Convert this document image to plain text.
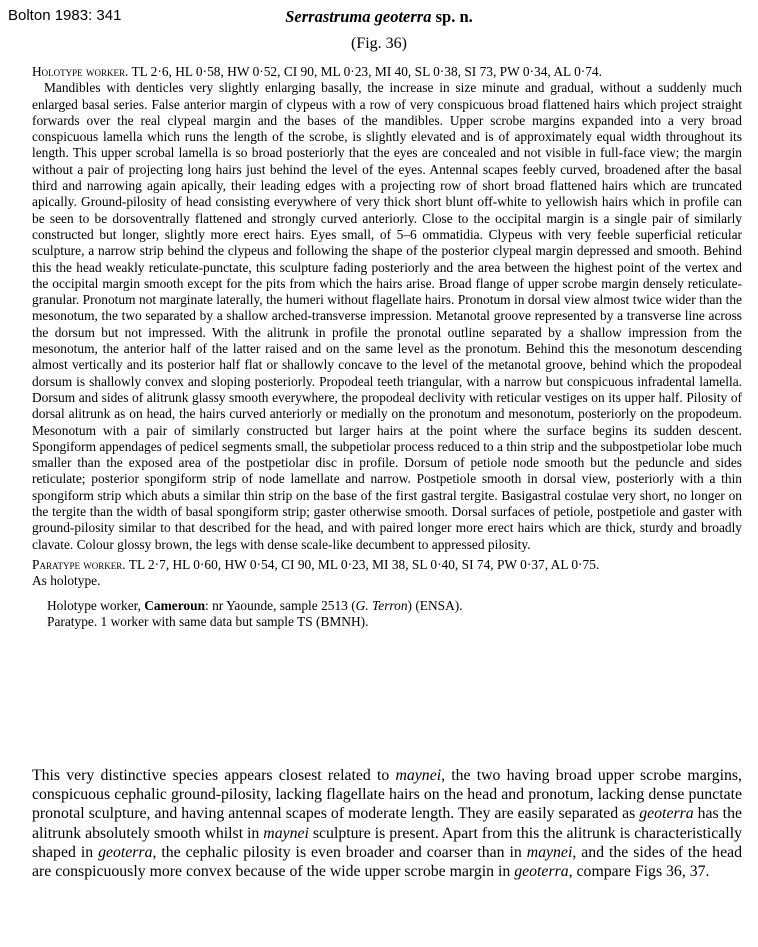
Bolton 1983: 341	Serrastruma geoterra sp. n.
(Fig. 36)

Holotype worker. TL 2·6, HL 0·58, HW 0·52, CI 90, ML 0·23, MI 40, SL 0·38, SI 73, PW 0·34, AL 0·74.

Mandibles with denticles very slightly enlarging basally, the increase in size minute and gradual, without a suddenly much enlarged basal series. False anterior margin of clypeus with a row of very conspicuous broad flattened hairs which project straight forwards over the real clypeal margin and the bases of the mandibles. Upper scrobe margins expanded into a very broad conspicuous lamella which runs the length of the scrobe, is slightly elevated and is of approximately equal width throughout its length. This upper scrobal lamella is so broad posteriorly that the eyes are concealed and not visible in full-face view; the margin without a pair of projecting long hairs just behind the level of the eyes. Antennal scapes feebly curved, broadened after the basal third and narrowing again apically, their leading edges with a projecting row of short broad flattened hairs which are truncated apically. Ground-pilosity of head consisting everywhere of very thick short blunt off-white to yellowish hairs which in profile can be seen to be dorsoventrally flattened and strongly curved anteriorly. Close to the occipital margin is a single pair of similarly constructed but longer, slightly more erect hairs. Eyes small, of 5–6 ommatidia. Clypeus with very feeble superficial reticular sculpture, a narrow strip behind the clypeus and following the shape of the posterior clypeal margin depressed and smooth. Behind this the head weakly reticulate-punctate, this sculpture fading posteriorly and the area between the highest point of the vertex and the occipital margin smooth except for the pits from which the hairs arise. Broad flange of upper scrobe margin densely reticulate-granular. Pronotum not marginate laterally, the humeri without flagellate hairs. Pronotum in dorsal view almost twice wider than the mesonotum, the two separated by a shallow arched-transverse impression. Metanotal groove represented by a transverse line across the dorsum but not impressed. With the alitrunk in profile the pronotal outline separated by a shallow impression from the mesonotum, the anterior half of the latter raised and on the same level as the pronotum. Behind this the mesonotum descending almost vertically and its posterior half flat or shallowly concave to the level of the metanotal groove, behind which the propodeal dorsum is shallowly convex and sloping posteriorly. Propodeal teeth triangular, with a narrow but conspicuous infradental lamella. Dorsum and sides of alitrunk glassy smooth everywhere, the propodeal declivity with reticular vestiges on its upper half. Pilosity of dorsal alitrunk as on head, the hairs curved anteriorly or medially on the pronotum and mesonotum, posteriorly on the propodeum. Mesonotum with a pair of similarly constructed but larger hairs at the point where the surface begins its sudden descent. Spongiform appendages of pedicel segments small, the subpetiolar process reduced to a thin strip and the subpostpetiolar lobe much smaller than the exposed area of the postpetiolar disc in profile. Dorsum of petiole node smooth but the peduncle and sides reticulate; posterior spongiform strip of node lamellate and narrow. Postpetiole smooth in dorsal view, posteriorly with a thin spongiform strip which abuts a similar thin strip on the base of the first gastral tergite. Basigastral costulae very short, no longer on the tergite than the width of basal spongiform strip; gaster otherwise smooth. Dorsal surfaces of petiole, postpetiole and gaster with ground-pilosity similar to that described for the head, and with paired longer more erect hairs which are thick, sturdy and broadly clavate. Colour glossy brown, the legs with dense scale-like decumbent to appressed pilosity.

Paratype worker. TL 2·7, HL 0·60, HW 0·54, CI 90, ML 0·23, MI 38, SL 0·40, SI 74, PW 0·37, AL 0·75.

As holotype.

Holotype worker, Cameroun: nr Yaounde, sample 2513 (G. Terron) (ENSA).
Paratype. 1 worker with same data but sample TS (BMNH).

This very distinctive species appears closest related to maynei, the two having broad upper scrobe margins, conspicuous cephalic ground-pilosity, lacking flagellate hairs on the head and pronotum, lacking dense punctate pronotal sculpture, and having antennal scapes of moderate length. They are easily separated as geoterra has the alitrunk absolutely smooth whilst in maynei sculpture is present. Apart from this the alitrunk is characteristically shaped in geoterra, the cephalic pilosity is even broader and coarser than in maynei, and the sides of the head are conspicuously more convex because of the wide upper scrobe margin in geoterra, compare Figs 36, 37.
